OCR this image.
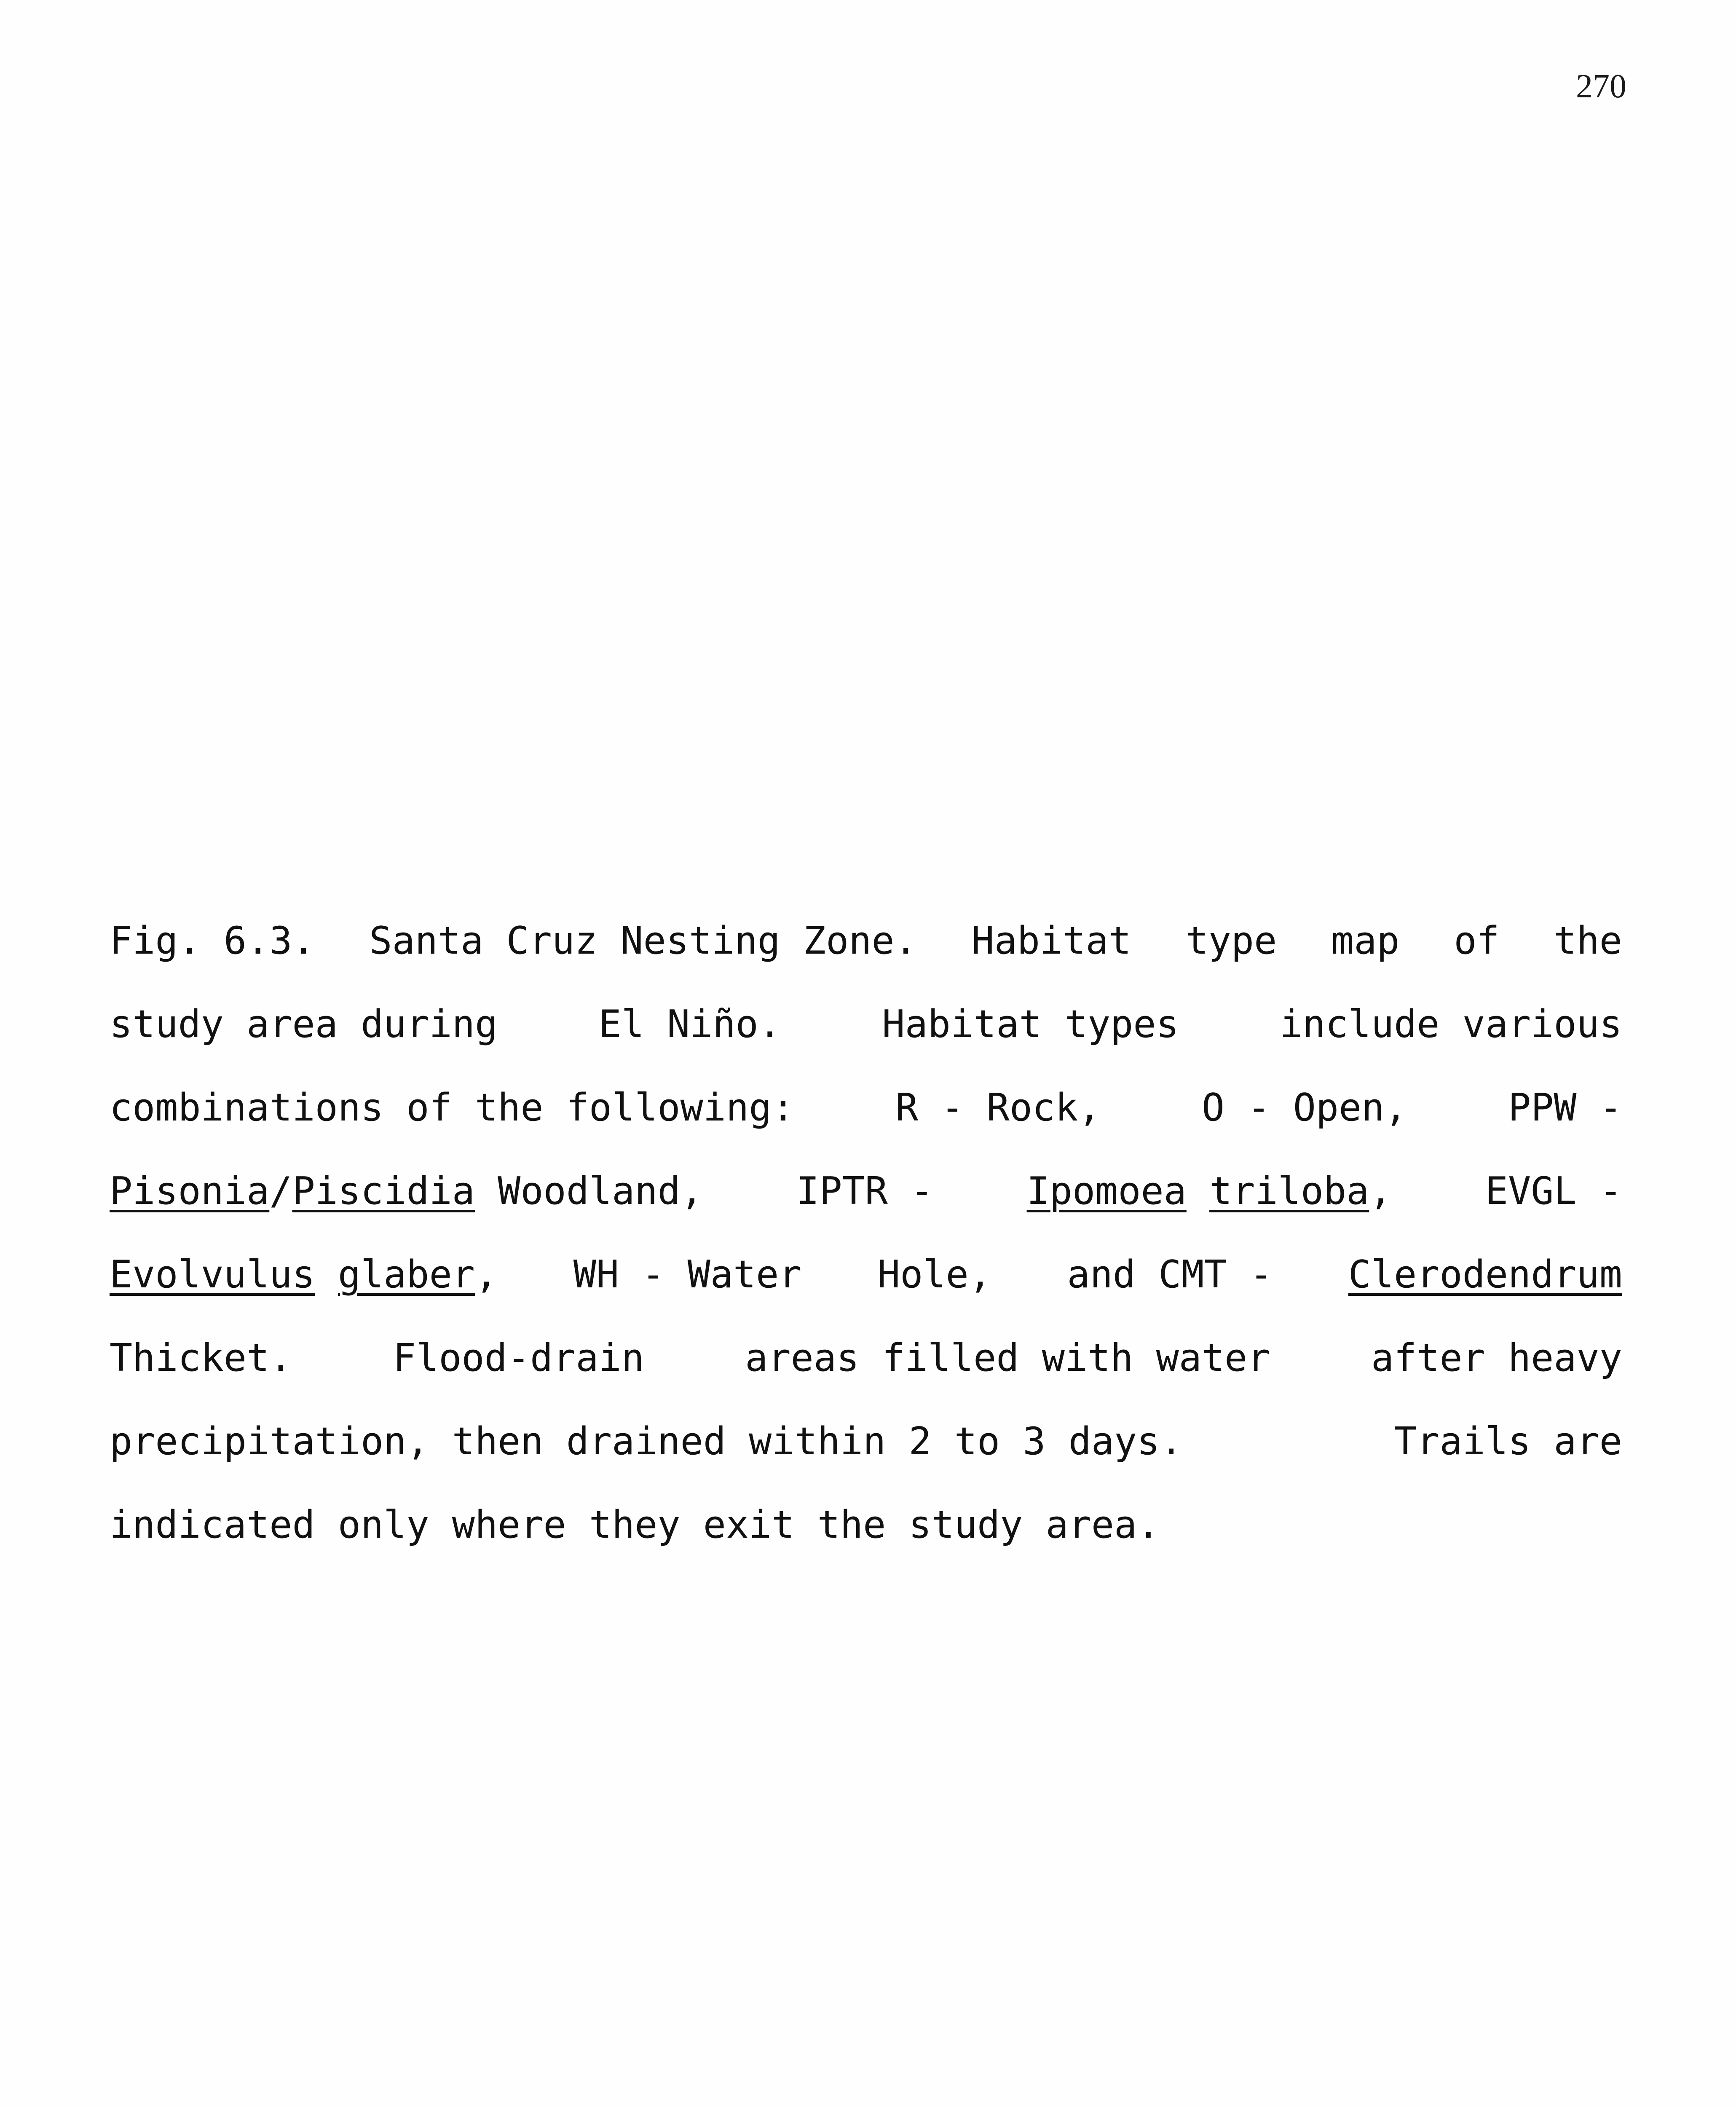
270
Fig. 6.3. Santa Cruz Nesting Zone. Habitat type map of the
study area during	El Niño.	Habitat types	include various
combinations of the following:	R - Rock,	O - Open,	PPW -
Pisonia/Piscidia Woodland, IPTR - Ipomoea triloba, EVGL -
Evolvulus glaber, WH - Water Hole, and CMT - Clerodendrum
Thicket.	Flood-drain	areas filled with water	after heavy
precipitation, then drained within 2 to 3 days.	Trails are
indicated only where they exit the study area.
